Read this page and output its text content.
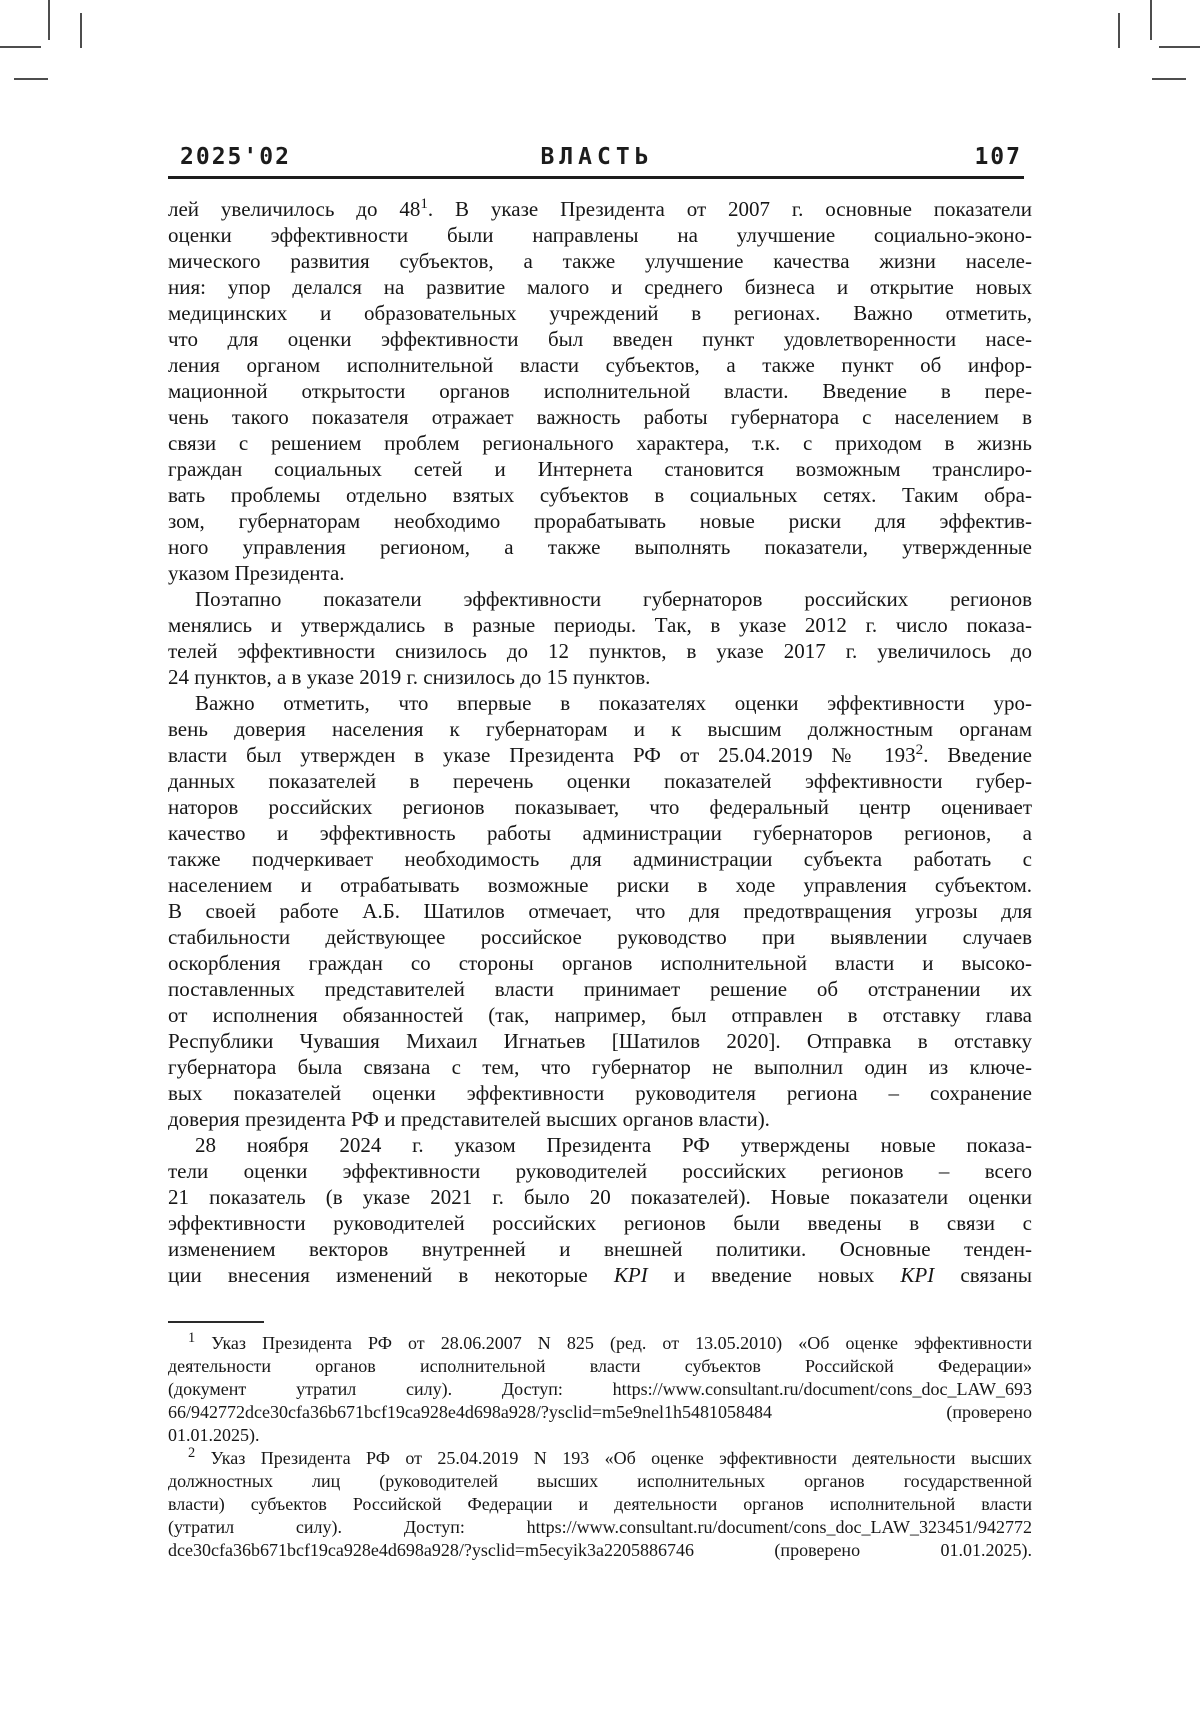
2025'02	ВЛАСТЬ	107
лей увеличилось до $48^1$. В указе Президента от 2007 г. основные показатели
оценки эффективности были направлены на улучшение социально-эконо-
мического развития субъектов, а также улучшение качества жизни населе-
ния: упор делался на развитие малого и среднего бизнеса и открытие новых
медицинских и образовательных учреждений в регионах. Важно отметить,
что для оценки эффективности был введен пункт удовлетворенности насе-
ления органом исполнительной власти субъектов, а также пункт об инфор-
мационной открытости органов исполнительной власти. Введение в пере-
чень такого показателя отражает важность работы губернатора с населением в
связи с решением проблем регионального характера, т.к. с приходом в жизнь
граждан социальных сетей и Интернета становится возможным транслиро-
вать проблемы отдельно взятых субъектов в социальных сетях. Таким обра-
зом, губернаторам необходимо прорабатывать новые риски для эффектив-
ного управления регионом, а также выполнять показатели, утвержденные
указом Президента.
Поэтапно показатели эффективности губернаторов российских регионов
менялись и утверждались в разные периоды. Так, в указе 2012 г. число показа-
телей эффективности снизилось до 12 пунктов, в указе 2017 г. увеличилось до
24 пунктов, а в указе 2019 г. снизилось до 15 пунктов.
Важно отметить, что впервые в показателях оценки эффективности уро-
вень доверия населения к губернаторам и к высшим должностным органам
власти был утвержден в указе Президента РФ от 25.04.2019 № $193^2$. Введение
данных показателей в перечень оценки показателей эффективности губер-
наторов российских регионов показывает, что федеральный центр оценивает
качество и эффективность работы администрации губернаторов регионов, а
также подчеркивает необходимость для администрации субъекта работать с
населением и отрабатывать возможные риски в ходе управления субъектом.
В своей работе А.Б. Шатилов отмечает, что для предотвращения угрозы для
стабильности действующее российское руководство при выявлении случаев
оскорбления граждан со стороны органов исполнительной власти и высоко-
поставленных представителей власти принимает решение об отстранении их
от исполнения обязанностей (так, например, был отправлен в отставку глава
Республики Чувашия Михаил Игнатьев [Шатилов 2020]. Отправка в отставку
губернатора была связана с тем, что губернатор не выполнил один из ключе-
вых показателей оценки эффективности руководителя региона – сохранение
доверия президента РФ и представителей высших органов власти).
28 ноября 2024 г. указом Президента РФ утверждены новые показа-
тели оценки эффективности руководителей российских регионов – всего
21 показатель (в указе 2021 г. было 20 показателей). Новые показатели оценки
эффективности руководителей российских регионов были введены в связи с
изменением векторов внутренней и внешней политики. Основные тенден-
ции внесения изменений в некоторые KPI и введение новых KPI связаны
$^1$ Указ Президента РФ от 28.06.2007 N 825 (ред. от 13.05.2010) «Об оценке эффективности
деятельности органов исполнительной власти субъектов Российской Федерации»
(документ утратил силу). Доступ: https://www.consultant.ru/document/cons_doc_LAW_693
66/942772dce30cfa36b671bcf19ca928e4d698a928/?ysclid=m5e9nel1h5481058484 (проверено
01.01.2025).
$^2$ Указ Президента РФ от 25.04.2019 N 193 «Об оценке эффективности деятельности высших
должностных лиц (руководителей высших исполнительных органов государственной
власти) субъектов Российской Федерации и деятельности органов исполнительной власти
(утратил силу). Доступ: https://www.consultant.ru/document/cons_doc_LAW_323451/942772
dce30cfa36b671bcf19ca928e4d698a928/?ysclid=m5ecyik3a2205886746 (проверено 01.01.2025).
